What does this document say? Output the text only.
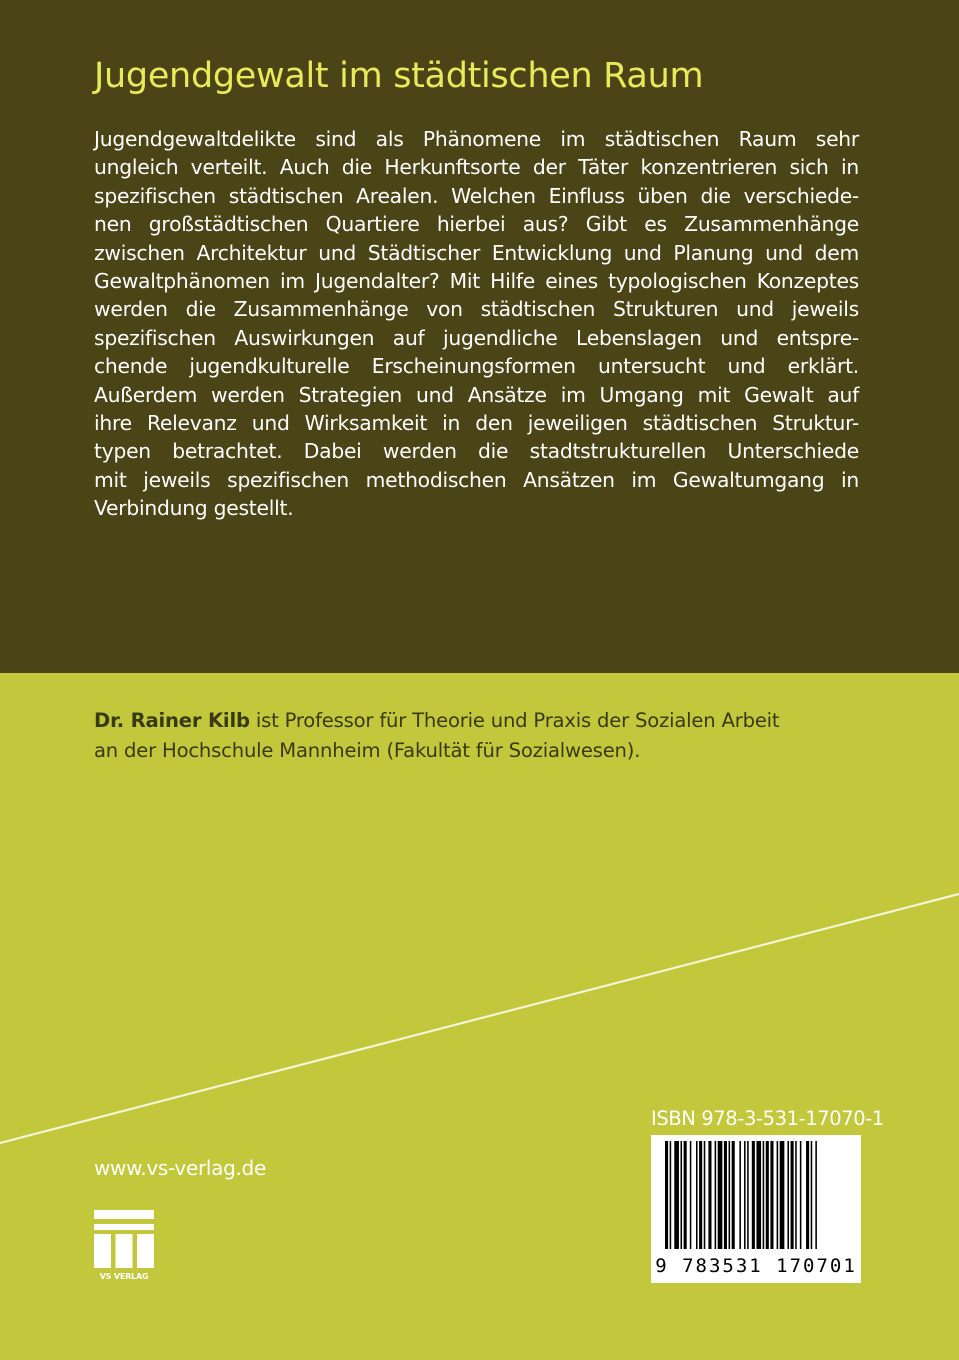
Jugendgewalt im städtischen Raum
Jugendgewaltdelikte sind als Phänomene im städtischen Raum sehr
ungleich verteilt. Auch die Herkunftsorte der Täter konzentrieren sich in
spezifischen städtischen Arealen. Welchen Einfluss üben die verschiede-
nen großstädtischen Quartiere hierbei aus? Gibt es Zusammenhänge
zwischen Architektur und Städtischer Entwicklung und Planung und dem
Gewaltphänomen im Jugendalter? Mit Hilfe eines typologischen Konzeptes
werden die Zusammenhänge von städtischen Strukturen und jeweils
spezifischen Auswirkungen auf jugendliche Lebenslagen und entspre-
chende jugendkulturelle Erscheinungsformen untersucht und erklärt.
Außerdem werden Strategien und Ansätze im Umgang mit Gewalt auf
ihre Relevanz und Wirksamkeit in den jeweiligen städtischen Struktur-
typen betrachtet. Dabei werden die stadtstrukturellen Unterschiede
mit jeweils spezifischen methodischen Ansätzen im Gewaltumgang in
Verbindung gestellt.
Dr. Rainer Kilb ist Professor für Theorie und Praxis der Sozialen Arbeit
an der Hochschule Mannheim (Fakultät für Sozialwesen).
ISBN 978-3-531-17070-1
9 783531 170701
www.vs-verlag.de
VS VERLAG
